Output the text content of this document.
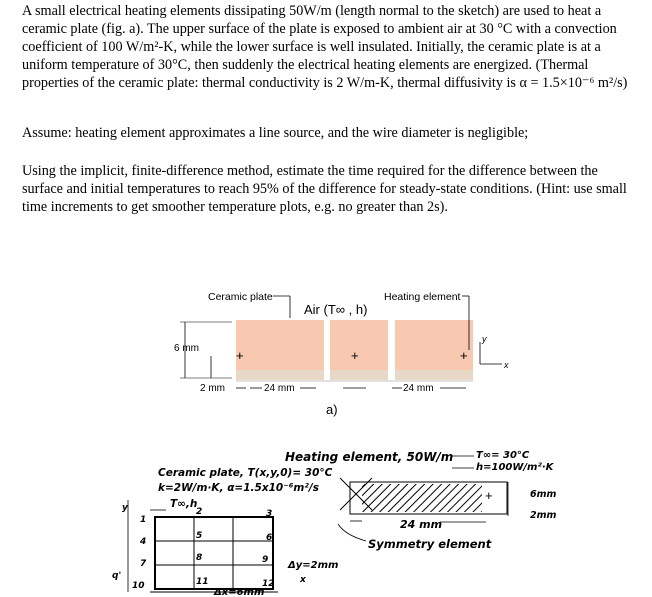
A small electrical heating elements dissipating 50W/m (length normal to the sketch) are used to heat a ceramic plate (fig. a). The upper surface of the plate is exposed to ambient air at 30 °C with a convection coefficient of 100 W/m²-K, while the lower surface is well insulated. Initially, the ceramic plate is at a uniform temperature of 30°C, then suddenly the electrical heating elements are energized. (Thermal properties of the ceramic plate: thermal conductivity is 2 W/m-K, thermal diffusivity is α = 1.5×10⁻⁶ m²/s)

Assume: heating element approximates a line source, and the wire diameter is negligible;

Using the implicit, finite-difference method, estimate the time required for the difference between the surface and initial temperatures to reach 95% of the difference for steady-state conditions. (Hint: use small time increments to get smoother temperature plots, e.g. no greater than 2s).

+	+	+
Ceramic plate
Air (T∞ , h)
Heating element
6 mm
2 mm	24 mm	24 mm
x
y
a)
Heating element, 50W/m
Ceramic plate, T(x,y,0)= 30°C
k=2W/m·K, α=1.5x10⁻⁶m²/s
T∞,h
T∞= 30°C
h=100W/m²·K
+	6mm
2mm
24 mm
Symmetry element
1
2	3
4
5	6
7
8	9
10	11	12
y
q'
Δy=2mm
x
Δx=6mm
